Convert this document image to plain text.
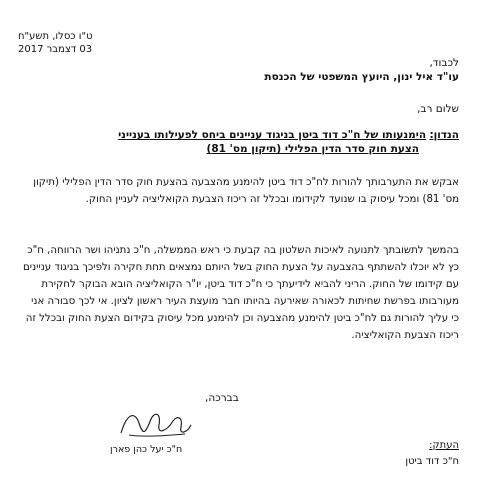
ט"ו כסלו, תשע"ח
03 דצמבר 2017
לכבוד,
עו"ד איל ינון, היועץ המשפטי של הכנסת
שלום רב,
הנדון: הימנעותו של ח"כ דוד ביטן בניגוד עניינים ביחס לפעילותו בענייני
הצעת חוק סדר הדין הפלילי (תיקון מס' 81)

אבקש את התערבותך להורות לח"כ דוד ביטן להימנע מהצבעה בהצעת חוק סדר הדין הפלילי (תיקון מס' 81) ומכל עיסוק בו שנועד לקידומו ובכלל זה ריכוז הצבעת הקואליציה לעניין החוק.

בהמשך לתשובתך לתנועה לאיכות השלטון בה קבעת כי ראש הממשלה, ח"כ נתניהו ושר הרווחה, ח"כ כץ לא יוכלו להשתתף בהצבעה על הצעת החוק בשל היותם נמצאים תחת חקירה ולפיכך בניגוד עניינים עם קידומו של החוק. הריני להביא לידיעתך כי ח"כ דוד ביטן, יו"ר הקואליציה הובא הבוקר לחקירת מעורבותו בפרשת שחיתות לכאורה שאירעה בהיותו חבר מועצת העיר ראשון לציון. אי לכך סבורה אני כי עליך להורות גם לח"כ ביטן להימנע מהצבעה וכן להימנע מכל עיסוק בקידום הצעת החוק ובכלל זה ריכוז הצבעת הקואליציה.

בברכה,
ח"כ יעל כהן פארן	העתק:
ח"כ דוד ביטן
